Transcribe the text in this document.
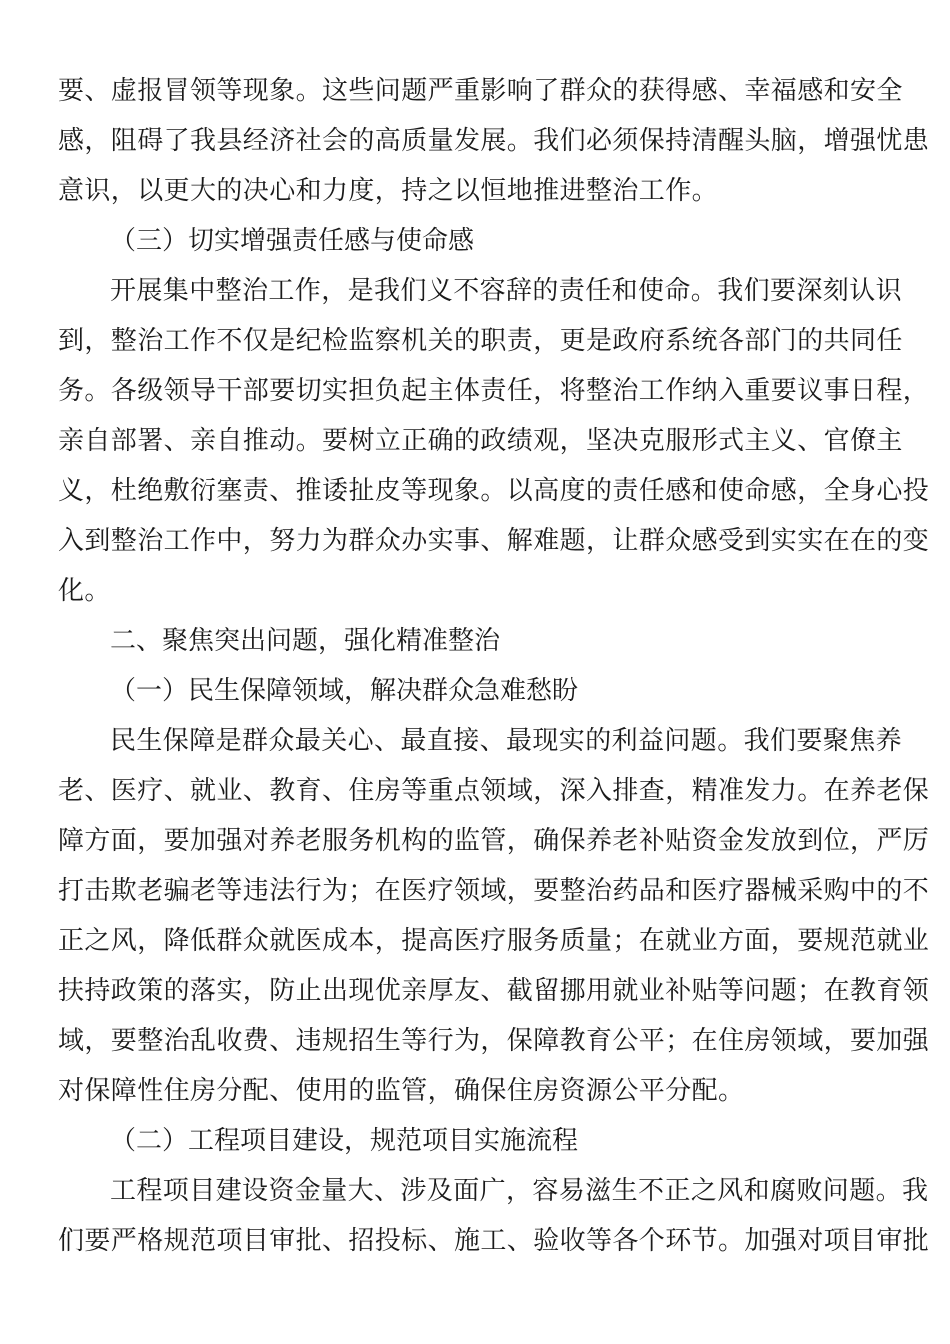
要、虚报冒领等现象。这些问题严重影响了群众的获得感、幸福感和安全
感，阻碍了我县经济社会的高质量发展。我们必须保持清醒头脑，增强忧患
意识，以更大的决心和力度，持之以恒地推进整治工作。
（三）切实增强责任感与使命感
开展集中整治工作，是我们义不容辞的责任和使命。我们要深刻认识
到，整治工作不仅是纪检监察机关的职责，更是政府系统各部门的共同任
务。各级领导干部要切实担负起主体责任，将整治工作纳入重要议事日程，
亲自部署、亲自推动。要树立正确的政绩观，坚决克服形式主义、官僚主
义，杜绝敷衍塞责、推诿扯皮等现象。以高度的责任感和使命感，全身心投
入到整治工作中，努力为群众办实事、解难题，让群众感受到实实在在的变
化。
二、聚焦突出问题，强化精准整治
（一）民生保障领域，解决群众急难愁盼
民生保障是群众最关心、最直接、最现实的利益问题。我们要聚焦养
老、医疗、就业、教育、住房等重点领域，深入排查，精准发力。在养老保
障方面，要加强对养老服务机构的监管，确保养老补贴资金发放到位，严厉
打击欺老骗老等违法行为；在医疗领域，要整治药品和医疗器械采购中的不
正之风，降低群众就医成本，提高医疗服务质量；在就业方面，要规范就业
扶持政策的落实，防止出现优亲厚友、截留挪用就业补贴等问题；在教育领
域，要整治乱收费、违规招生等行为，保障教育公平；在住房领域，要加强
对保障性住房分配、使用的监管，确保住房资源公平分配。
（二）工程项目建设，规范项目实施流程
工程项目建设资金量大、涉及面广，容易滋生不正之风和腐败问题。我
们要严格规范项目审批、招投标、施工、验收等各个环节。加强对项目审批
